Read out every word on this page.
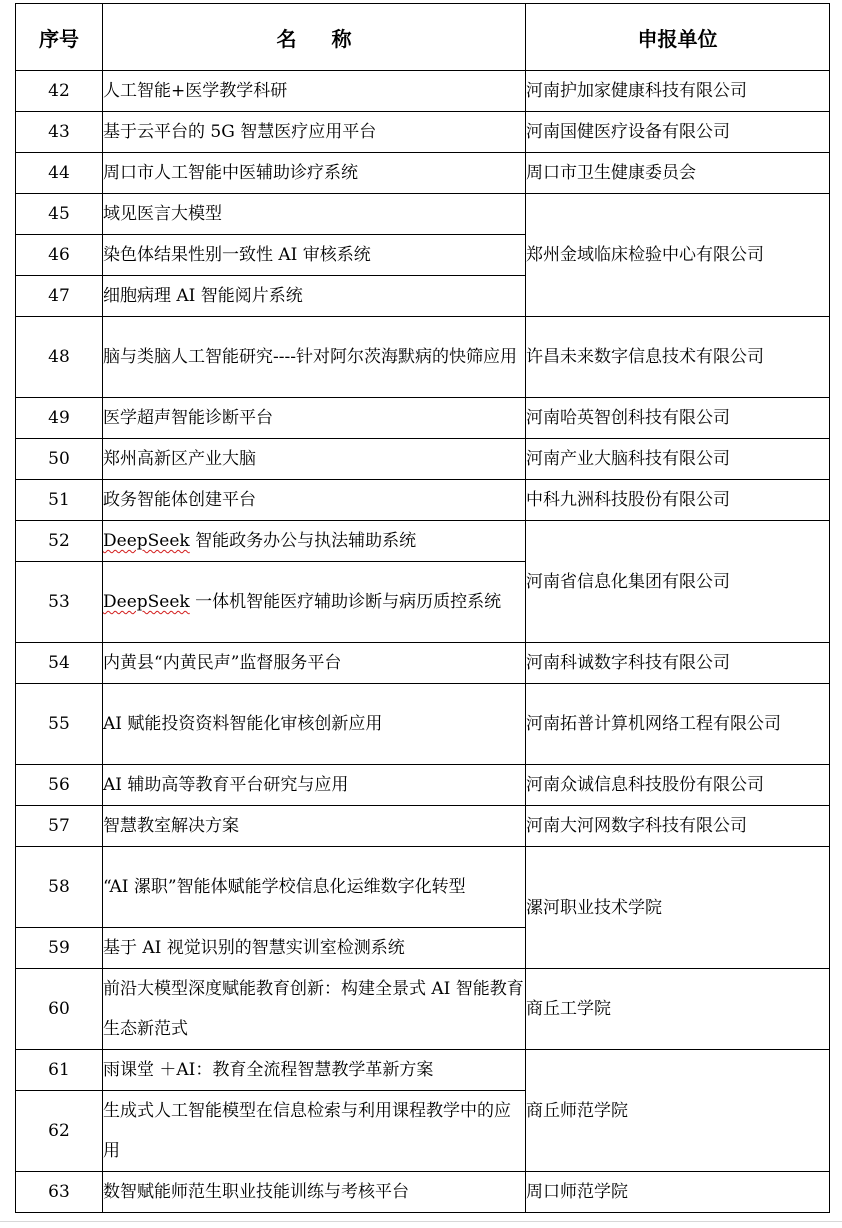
序号	名 称	申报单位
42	人工智能+医学教学科研	河南护加家健康科技有限公司
43	基于云平台的 5G 智慧医疗应用平台	河南国健医疗设备有限公司
44	周口市人工智能中医辅助诊疗系统	周口市卫生健康委员会
45	域见医言大模型	郑州金域临床检验中心有限公司
46	染色体结果性别一致性 AI 审核系统	
47	细胞病理 AI 智能阅片系统	
48	脑与类脑人工智能研究----针对阿尔茨海默病的快筛应用	许昌未来数字信息技术有限公司
49	医学超声智能诊断平台	河南哈英智创科技有限公司
50	郑州高新区产业大脑	河南产业大脑科技有限公司
51	政务智能体创建平台	中科九洲科技股份有限公司
52	DeepSeek 智能政务办公与执法辅助系统	河南省信息化集团有限公司
53	DeepSeek 一体机智能医疗辅助诊断与病历质控系统	
54	内黄县“内黄民声”监督服务平台	河南科诚数字科技有限公司
55	AI 赋能投资资料智能化审核创新应用	河南拓普计算机网络工程有限公司
56	AI 辅助高等教育平台研究与应用	河南众诚信息科技股份有限公司
57	智慧教室解决方案	河南大河网数字科技有限公司
58	“AI 漯职”智能体赋能学校信息化运维数字化转型	漯河职业技术学院
59	基于 AI 视觉识别的智慧实训室检测系统	
60	前沿大模型深度赋能教育创新：构建全景式 AI 智能教育生态新范式	商丘工学院
61	雨课堂 ＋AI：教育全流程智慧教学革新方案	商丘师范学院
62	生成式人工智能模型在信息检索与利用课程教学中的应用	
63	数智赋能师范生职业技能训练与考核平台	周口师范学院
